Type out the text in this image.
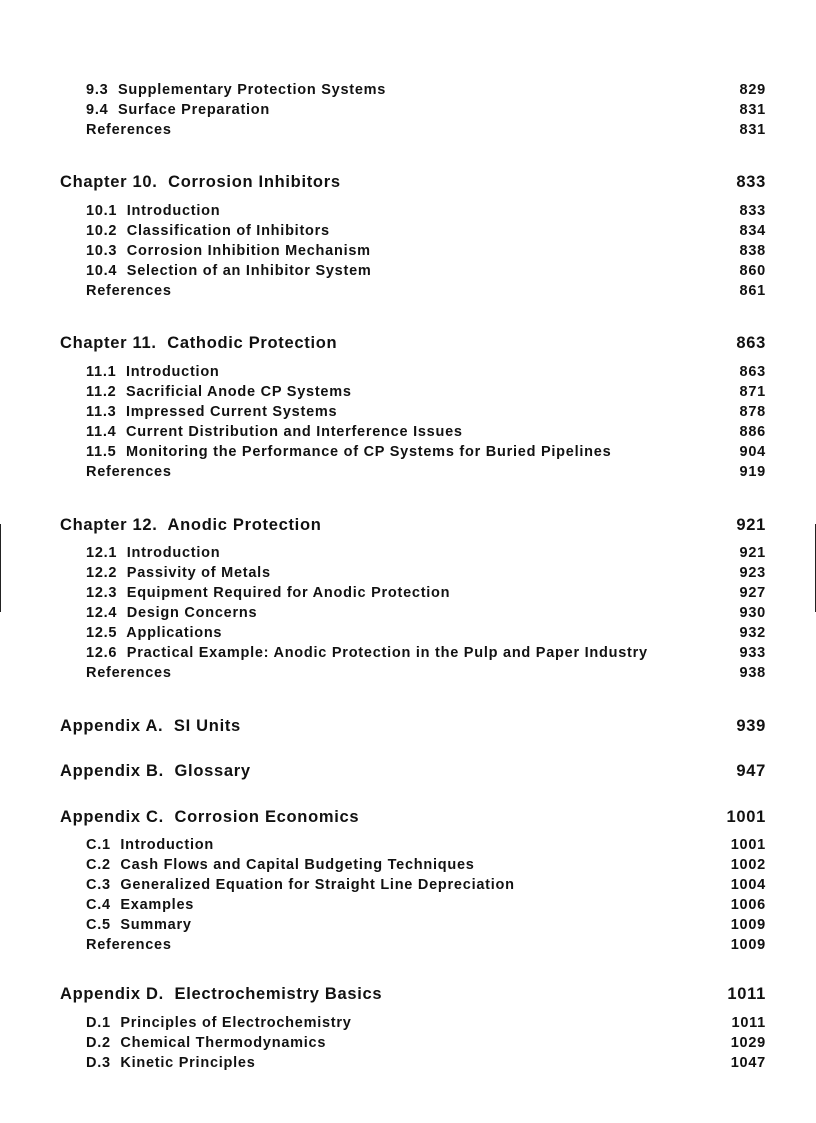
9.3  Supplementary Protection Systems	829
9.4  Surface Preparation	831
References	831
Chapter 10.  Corrosion Inhibitors	833
10.1  Introduction	833
10.2  Classification of Inhibitors	834
10.3  Corrosion Inhibition Mechanism	838
10.4  Selection of an Inhibitor System	860
References	861
Chapter 11.  Cathodic Protection	863
11.1  Introduction	863
11.2  Sacrificial Anode CP Systems	871
11.3  Impressed Current Systems	878
11.4  Current Distribution and Interference Issues	886
11.5  Monitoring the Performance of CP Systems for Buried Pipelines	904
References	919
Chapter 12.  Anodic Protection	921
12.1  Introduction	921
12.2  Passivity of Metals	923
12.3  Equipment Required for Anodic Protection	927
12.4  Design Concerns	930
12.5  Applications	932
12.6  Practical Example: Anodic Protection in the Pulp and Paper Industry	933
References	938
Appendix A.  SI Units	939
Appendix B.  Glossary	947
Appendix C.  Corrosion Economics	1001
C.1  Introduction	1001
C.2  Cash Flows and Capital Budgeting Techniques	1002
C.3  Generalized Equation for Straight Line Depreciation	1004
C.4  Examples	1006
C.5  Summary	1009
References	1009
Appendix D.  Electrochemistry Basics	1011
D.1  Principles of Electrochemistry	1011
D.2  Chemical Thermodynamics	1029
D.3  Kinetic Principles	1047
